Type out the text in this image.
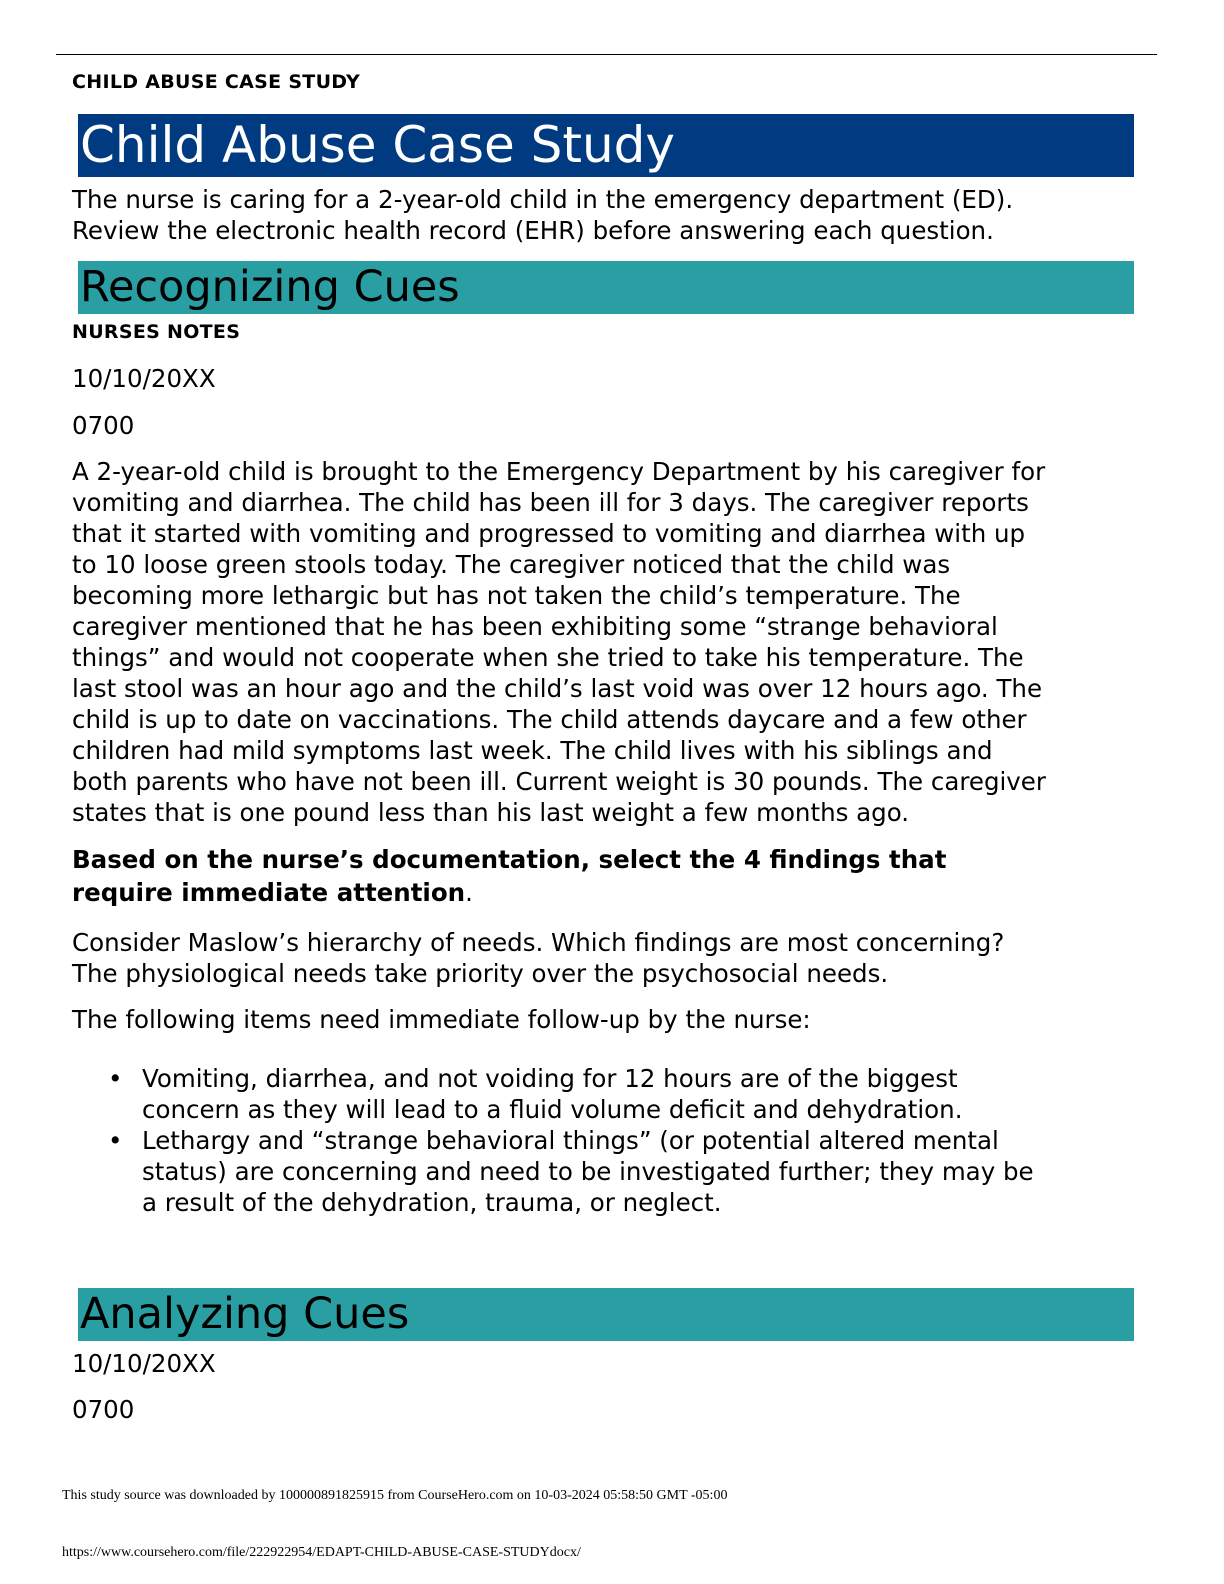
CHILD ABUSE CASE STUDY
Child Abuse Case Study
The nurse is caring for a 2-year-old child in the emergency department (ED).
Review the electronic health record (EHR) before answering each question.
Recognizing Cues
NURSES NOTES
10/10/20XX
0700
A 2-year-old child is brought to the Emergency Department by his caregiver for
vomiting and diarrhea. The child has been ill for 3 days. The caregiver reports
that it started with vomiting and progressed to vomiting and diarrhea with up
to 10 loose green stools today. The caregiver noticed that the child was
becoming more lethargic but has not taken the child’s temperature. The
caregiver mentioned that he has been exhibiting some “strange behavioral
things” and would not cooperate when she tried to take his temperature. The
last stool was an hour ago and the child’s last void was over 12 hours ago. The
child is up to date on vaccinations. The child attends daycare and a few other
children had mild symptoms last week. The child lives with his siblings and
both parents who have not been ill. Current weight is 30 pounds. The caregiver
states that is one pound less than his last weight a few months ago.
Based on the nurse’s documentation, select the 4 findings that
require immediate attention.
Consider Maslow’s hierarchy of needs. Which findings are most concerning?
The physiological needs take priority over the psychosocial needs.
The following items need immediate follow-up by the nurse:
• Vomiting, diarrhea, and not voiding for 12 hours are of the biggest
concern as they will lead to a fluid volume deficit and dehydration.
• Lethargy and “strange behavioral things” (or potential altered mental
status) are concerning and need to be investigated further; they may be
a result of the dehydration, trauma, or neglect.
Analyzing Cues
10/10/20XX
0700
This study source was downloaded by 100000891825915 from CourseHero.com on 10-03-2024 05:58:50 GMT -05:00
https://www.coursehero.com/file/222922954/EDAPT-CHILD-ABUSE-CASE-STUDYdocx/
